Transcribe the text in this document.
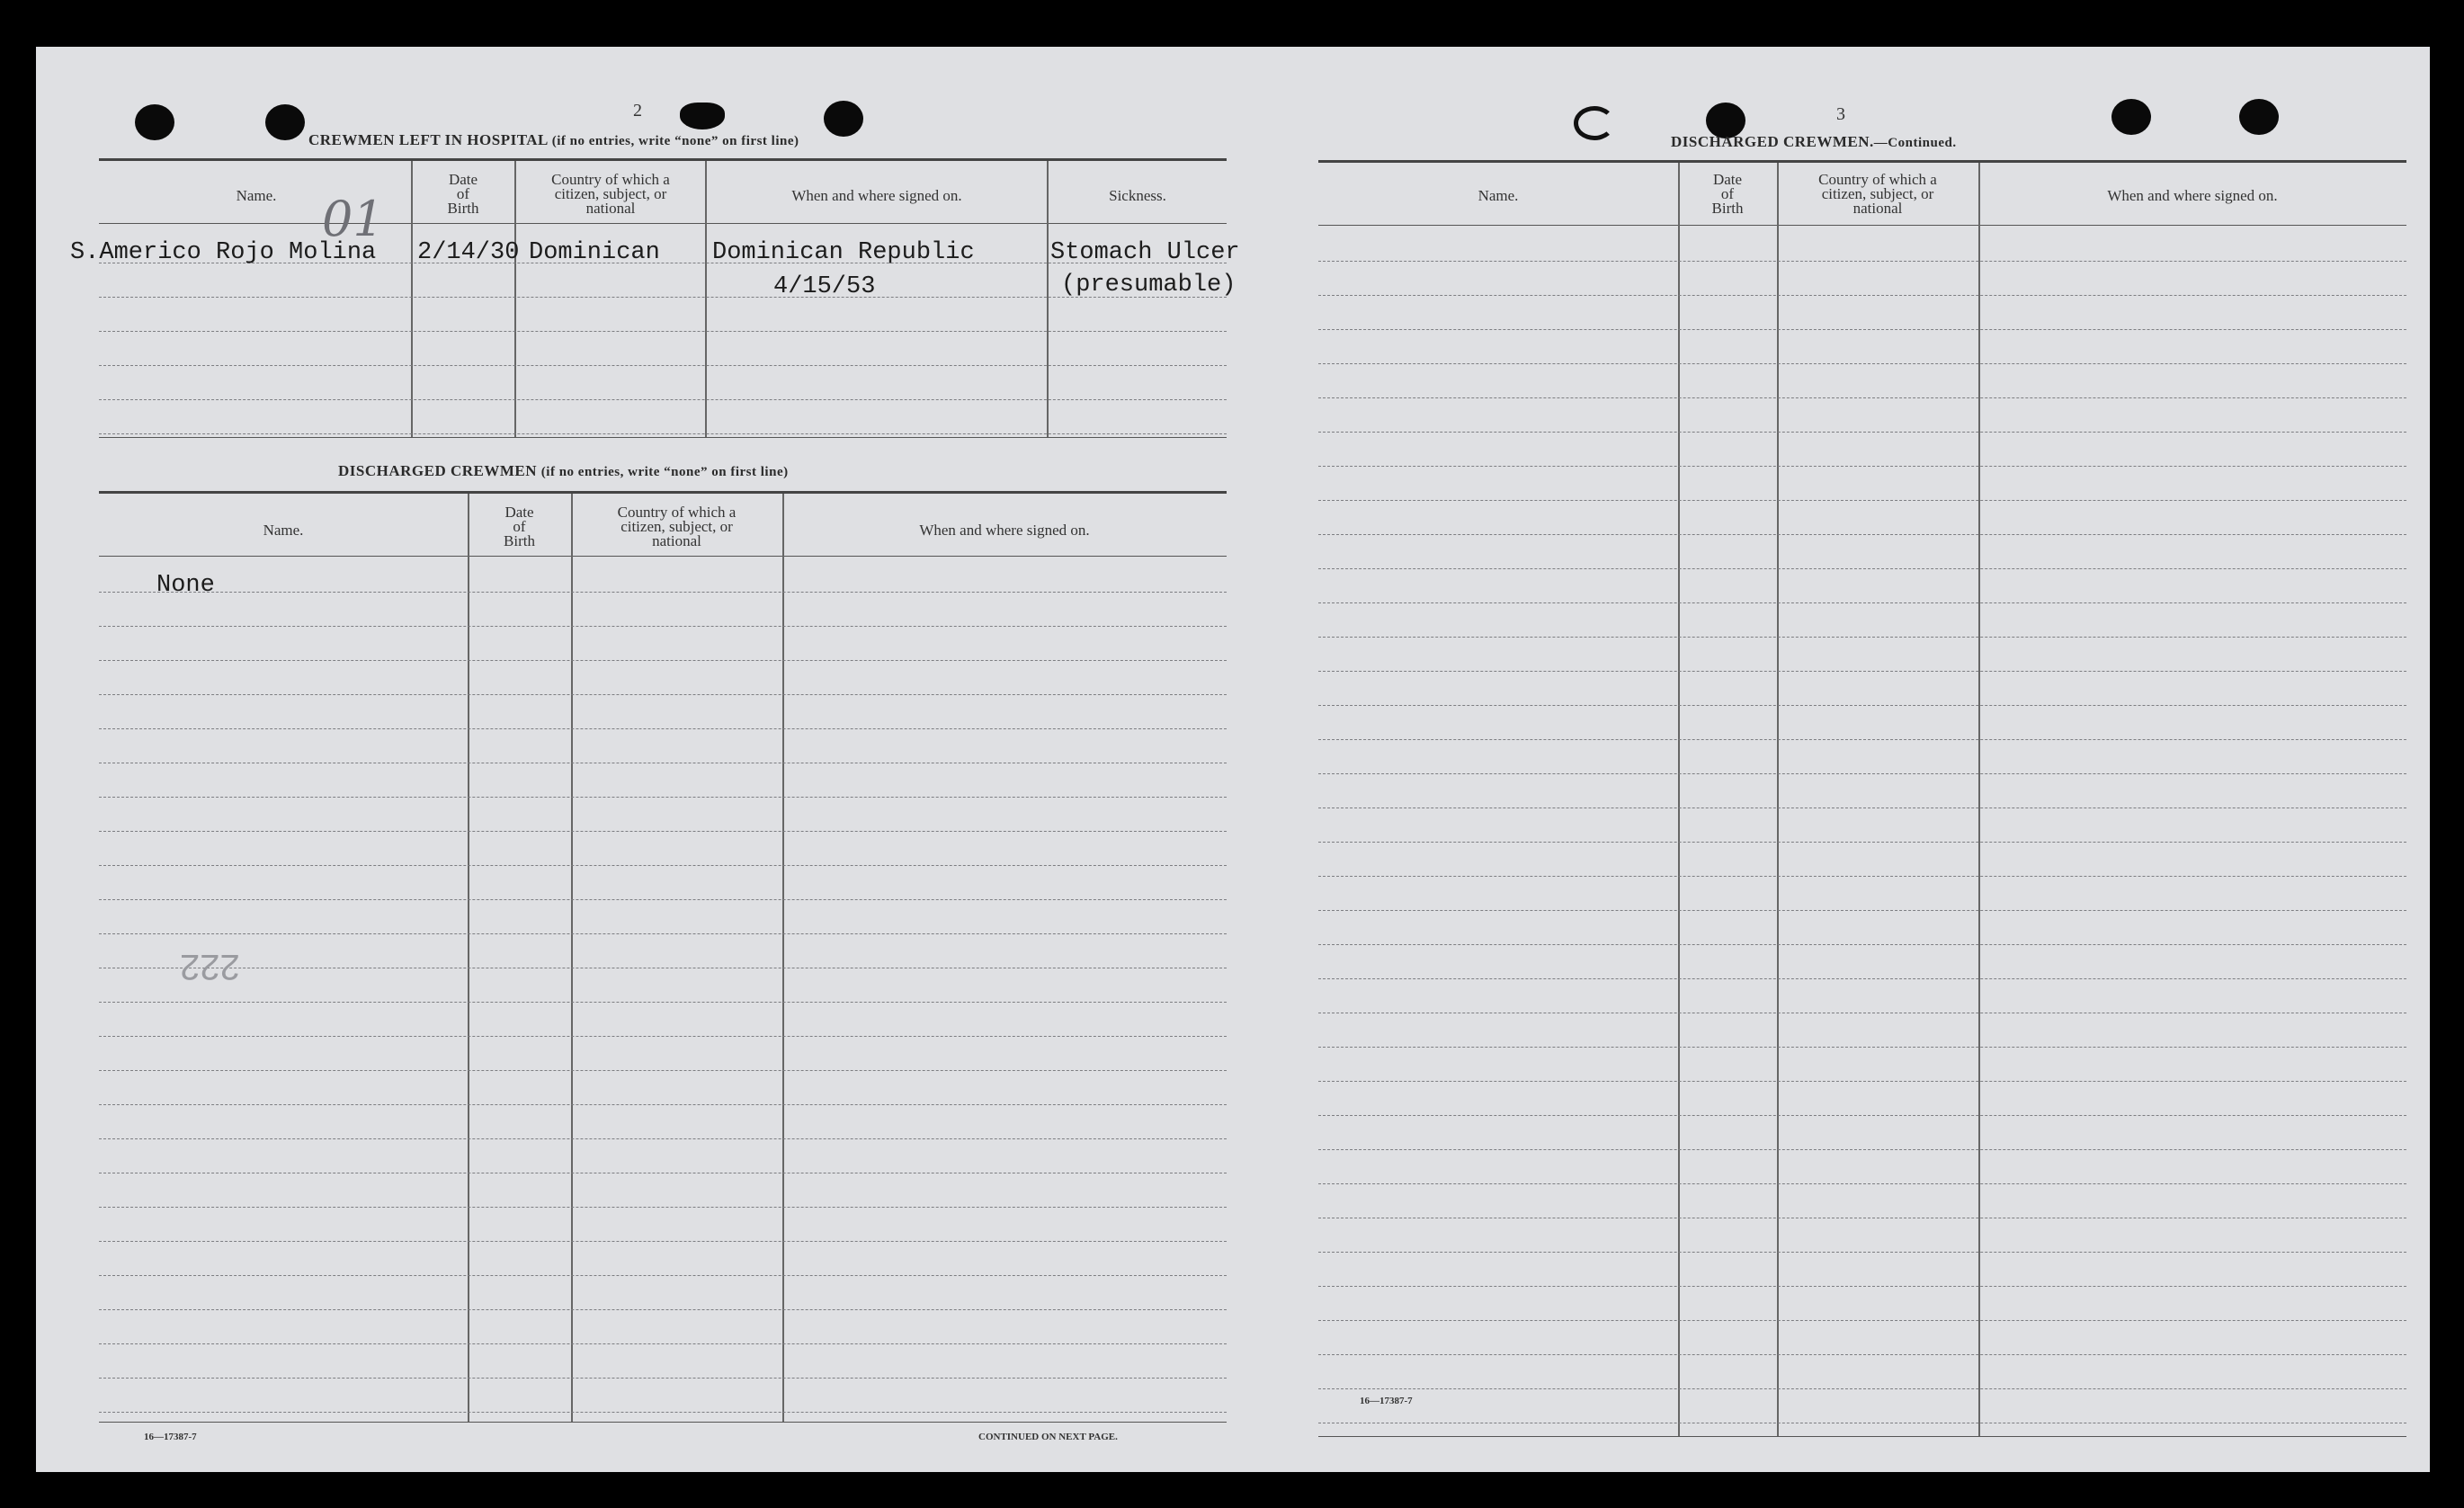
2
CREWMEN LEFT IN HOSPITAL (if no entries, write “none” on first line)
Name.
Date
of
Birth
Country of which a
citizen, subject, or
national
When and where signed on.	Sickness.
01
S.Americo Rojo Molina 2/14/30 Dominican Dominican Republic
4/15/53
Stomach Ulcer
(presumable)
DISCHARGED CREWMEN (if no entries, write “none” on first line)
Name.
Date
of
Birth
Country of which a
citizen, subject, or
national
When and where signed on.
None
222
16—17387-7	CONTINUED ON NEXT PAGE.
3
DISCHARGED CREWMEN.—Continued.
Name.
Date
of
Birth
Country of which a
citizen, subject, or
national
When and where signed on.
16—17387-7
